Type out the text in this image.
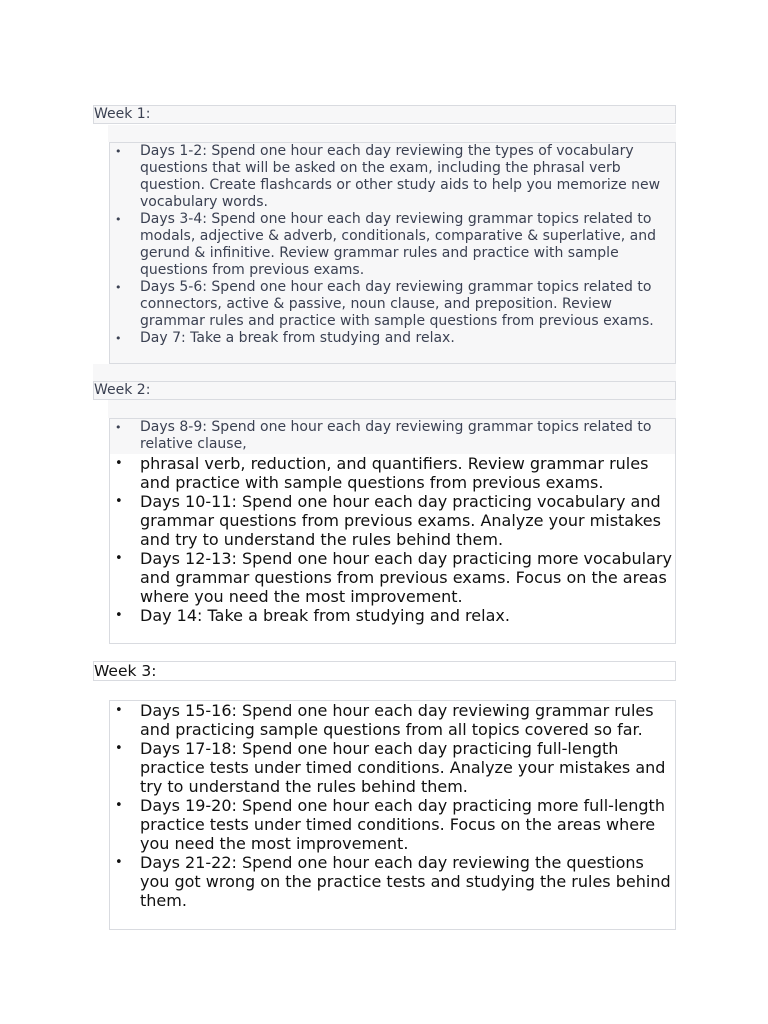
Week 1:
• Days 1-2: Spend one hour each day reviewing the types of vocabulary questions that will be asked on the exam, including the phrasal verb question. Create flashcards or other study aids to help you memorize new vocabulary words.
• Days 3-4: Spend one hour each day reviewing grammar topics related to modals, adjective & adverb, conditionals, comparative & superlative, and gerund & infinitive. Review grammar rules and practice with sample questions from previous exams.
• Days 5-6: Spend one hour each day reviewing grammar topics related to connectors, active & passive, noun clause, and preposition. Review grammar rules and practice with sample questions from previous exams.
• Day 7: Take a break from studying and relax.
Week 2:
• Days 8-9: Spend one hour each day reviewing grammar topics related to relative clause,
• phrasal verb, reduction, and quantifiers. Review grammar rules and practice with sample questions from previous exams.
• Days 10-11: Spend one hour each day practicing vocabulary and grammar questions from previous exams. Analyze your mistakes and try to understand the rules behind them.
• Days 12-13: Spend one hour each day practicing more vocabulary and grammar questions from previous exams. Focus on the areas where you need the most improvement.
• Day 14: Take a break from studying and relax.
Week 3:
• Days 15-16: Spend one hour each day reviewing grammar rules and practicing sample questions from all topics covered so far.
• Days 17-18: Spend one hour each day practicing full-length practice tests under timed conditions. Analyze your mistakes and try to understand the rules behind them.
• Days 19-20: Spend one hour each day practicing more full-length practice tests under timed conditions. Focus on the areas where you need the most improvement.
• Days 21-22: Spend one hour each day reviewing the questions you got wrong on the practice tests and studying the rules behind them.
